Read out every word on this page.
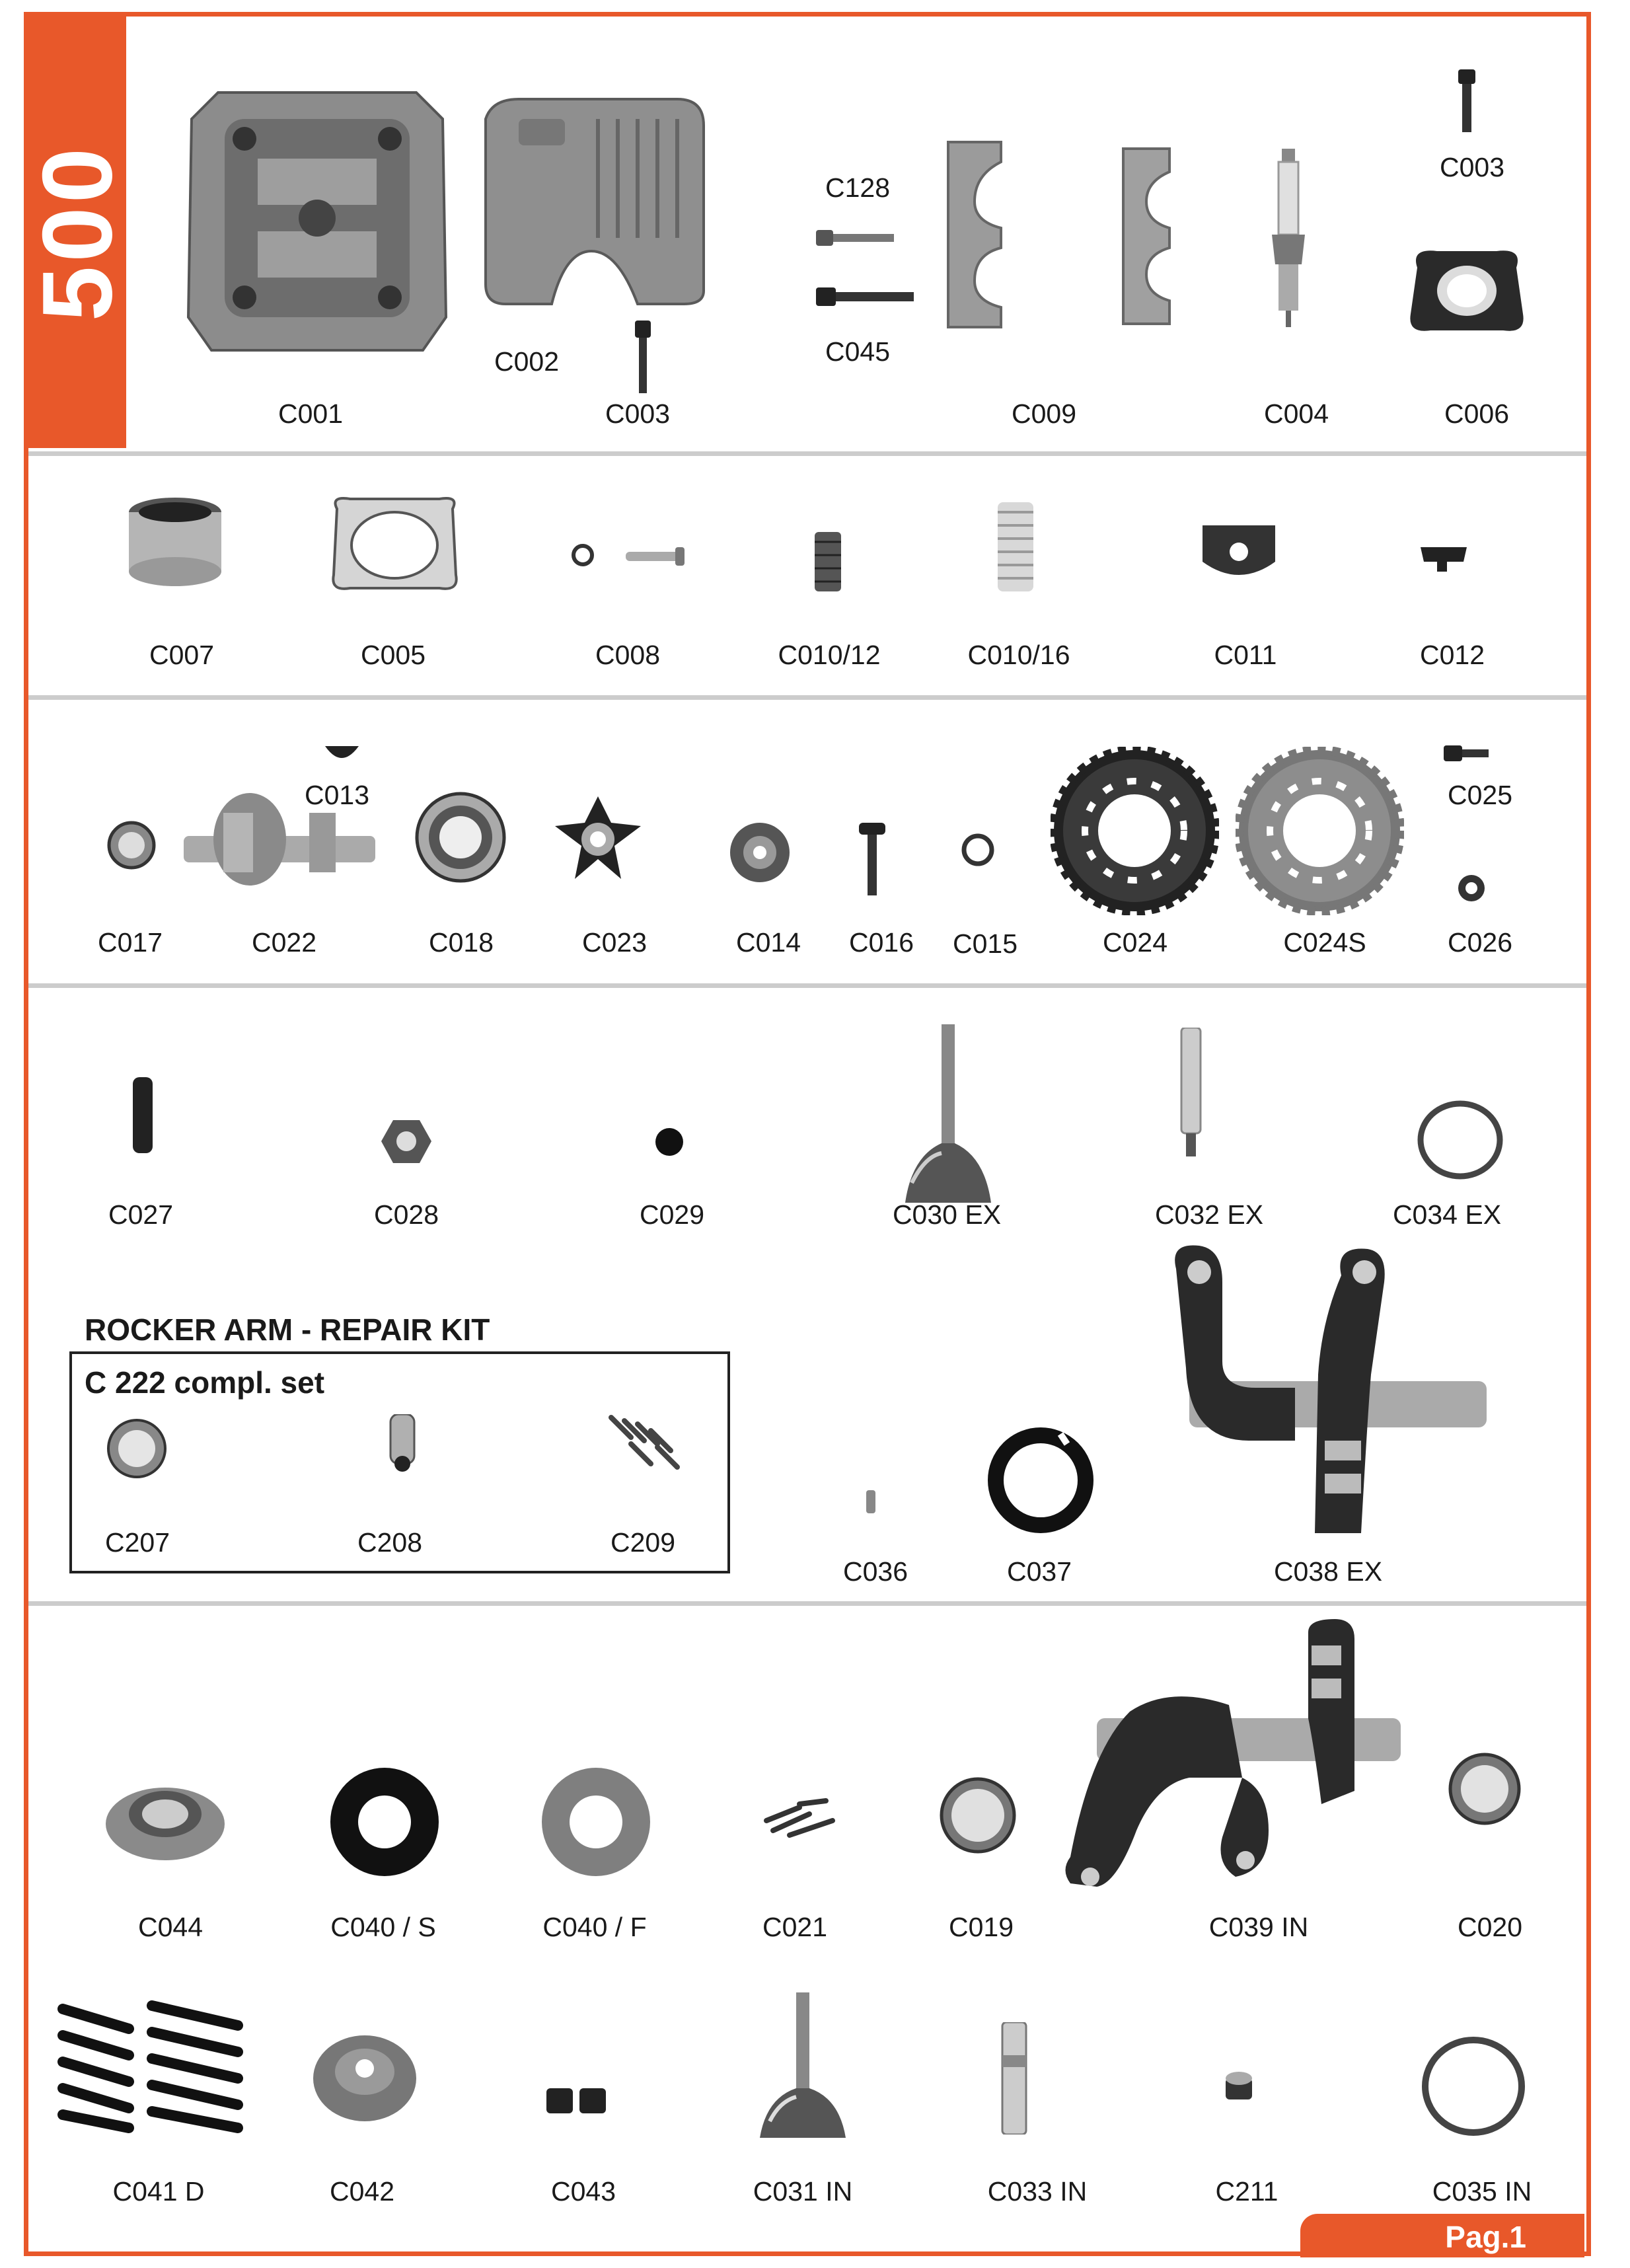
500
ROCKER ARM - REPAIR KIT
C 222 compl. set
C001
C002
C003
C128
C045
C009	C004
C003
C006
C007	C005	C008	C010/12	C010/16	C011	C012
C013
C017	C022	C018	C023	C014 C016 C015	C024	C024S
C025
C026
C027	C028	C029	C030 EX	C032 EX	C034 EX
C036	C037	C038 EX
C207	C208	C209
C044	C040 / S	C040 / F	C021	C019	C039 IN	C020
C041 D	C042	C043	C031 IN	C033 IN	C211	C035 IN
Pag.1
